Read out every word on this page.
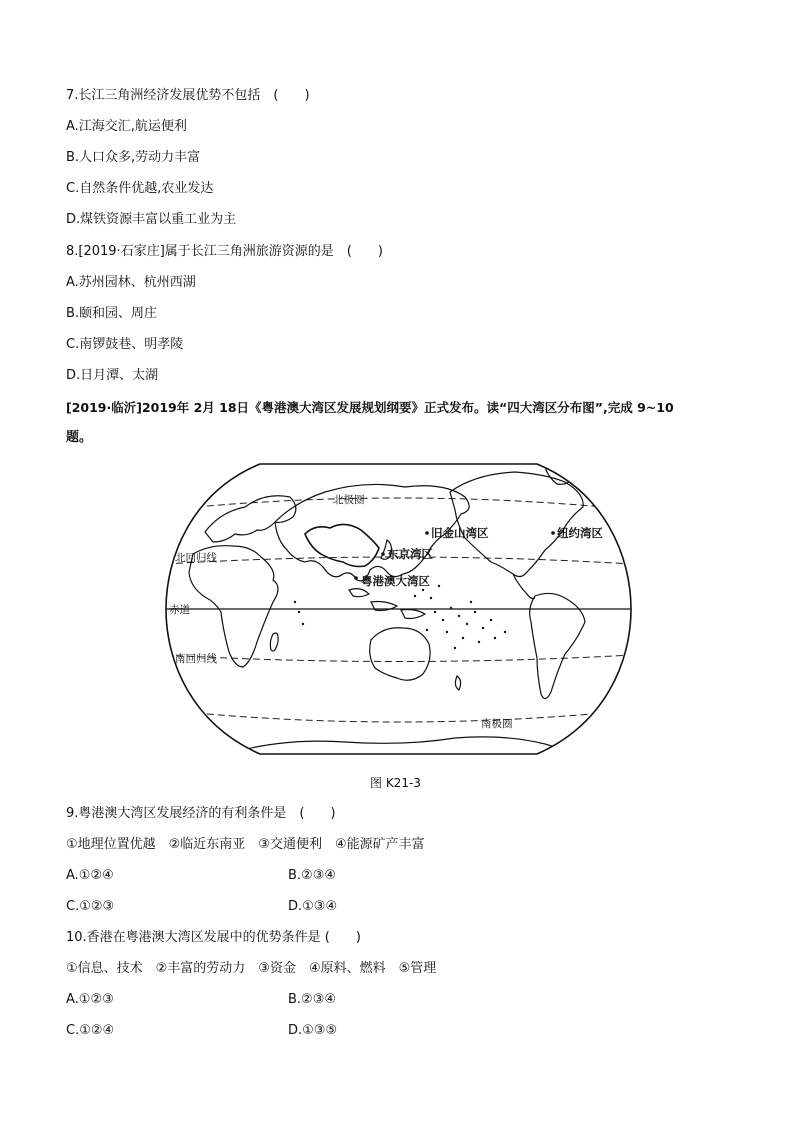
7.长江三角洲经济发展优势不包括　(　　)
A.江海交汇,航运便利
B.人口众多,劳动力丰富
C.自然条件优越,农业发达
D.煤铁资源丰富以重工业为主
8.[2019·石家庄]属于长江三角洲旅游资源的是　(　　)
A.苏州园林、杭州西湖
B.颐和园、周庄
C.南锣鼓巷、明孝陵
D.日月潭、太湖
[2019·临沂]2019年 2月 18日《粤港澳大湾区发展规划纲要》正式发布。读“四大湾区分布图”,完成 9~10
题。
北极圈
北回归线
赤道
南回归线
南极圈
旧金山湾区	纽约湾区
东京湾区
粤港澳大湾区
图 K21-3
9.粤港澳大湾区发展经济的有利条件是　(　　)
①地理位置优越　②临近东南亚　③交通便利　④能源矿产丰富
A.①②④	B.②③④
C.①②③	D.①③④
10.香港在粤港澳大湾区发展中的优势条件是 (　　)
①信息、技术　②丰富的劳动力　③资金　④原料、燃料　⑤管理
A.①②③	B.②③④
C.①②④	D.①③⑤
